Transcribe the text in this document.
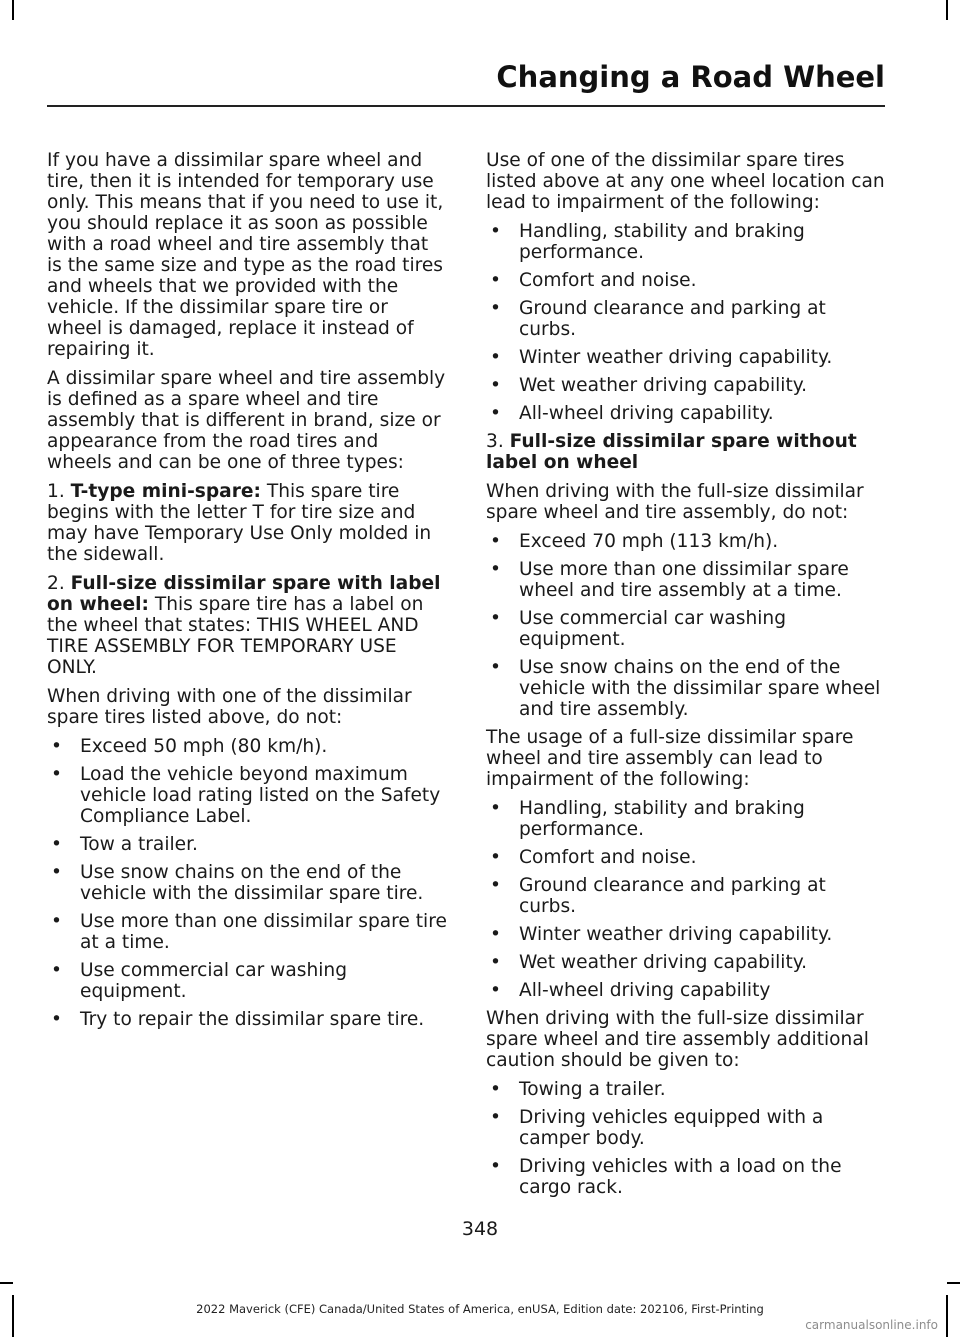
Changing a Road Wheel

If you have a dissimilar spare wheel and tire, then it is intended for temporary use only. This means that if you need to use it, you should replace it as soon as possible with a road wheel and tire assembly that is the same size and type as the road tires and wheels that we provided with the vehicle. If the dissimilar spare tire or wheel is damaged, replace it instead of repairing it.

A dissimilar spare wheel and tire assembly is defined as a spare wheel and tire assembly that is different in brand, size or appearance from the road tires and wheels and can be one of three types:

1. T-type mini-spare: This spare tire begins with the letter T for tire size and may have Temporary Use Only molded in the sidewall.

2. Full-size dissimilar spare with label on wheel: This spare tire has a label on the wheel that states: THIS WHEEL AND TIRE ASSEMBLY FOR TEMPORARY USE ONLY.

When driving with one of the dissimilar spare tires listed above, do not:

• Exceed 50 mph (80 km/h).
• Load the vehicle beyond maximum vehicle load rating listed on the Safety Compliance Label.
• Tow a trailer.
• Use snow chains on the end of the vehicle with the dissimilar spare tire.
• Use more than one dissimilar spare tire at a time.
• Use commercial car washing equipment.
• Try to repair the dissimilar spare tire.

Use of one of the dissimilar spare tires listed above at any one wheel location can lead to impairment of the following:

• Handling, stability and braking performance.
• Comfort and noise.
• Ground clearance and parking at curbs.
• Winter weather driving capability.
• Wet weather driving capability.
• All-wheel driving capability.

3. Full-size dissimilar spare without label on wheel

When driving with the full-size dissimilar spare wheel and tire assembly, do not:

• Exceed 70 mph (113 km/h).
• Use more than one dissimilar spare wheel and tire assembly at a time.
• Use commercial car washing equipment.
• Use snow chains on the end of the vehicle with the dissimilar spare wheel and tire assembly.

The usage of a full-size dissimilar spare wheel and tire assembly can lead to impairment of the following:

• Handling, stability and braking performance.
• Comfort and noise.
• Ground clearance and parking at curbs.
• Winter weather driving capability.
• Wet weather driving capability.
• All-wheel driving capability

When driving with the full-size dissimilar spare wheel and tire assembly additional caution should be given to:

• Towing a trailer.
• Driving vehicles equipped with a camper body.
• Driving vehicles with a load on the cargo rack.
348
2022 Maverick (CFE) Canada/United States of America, enUSA, Edition date: 202106, First-Printing
carmanualsonline.info
